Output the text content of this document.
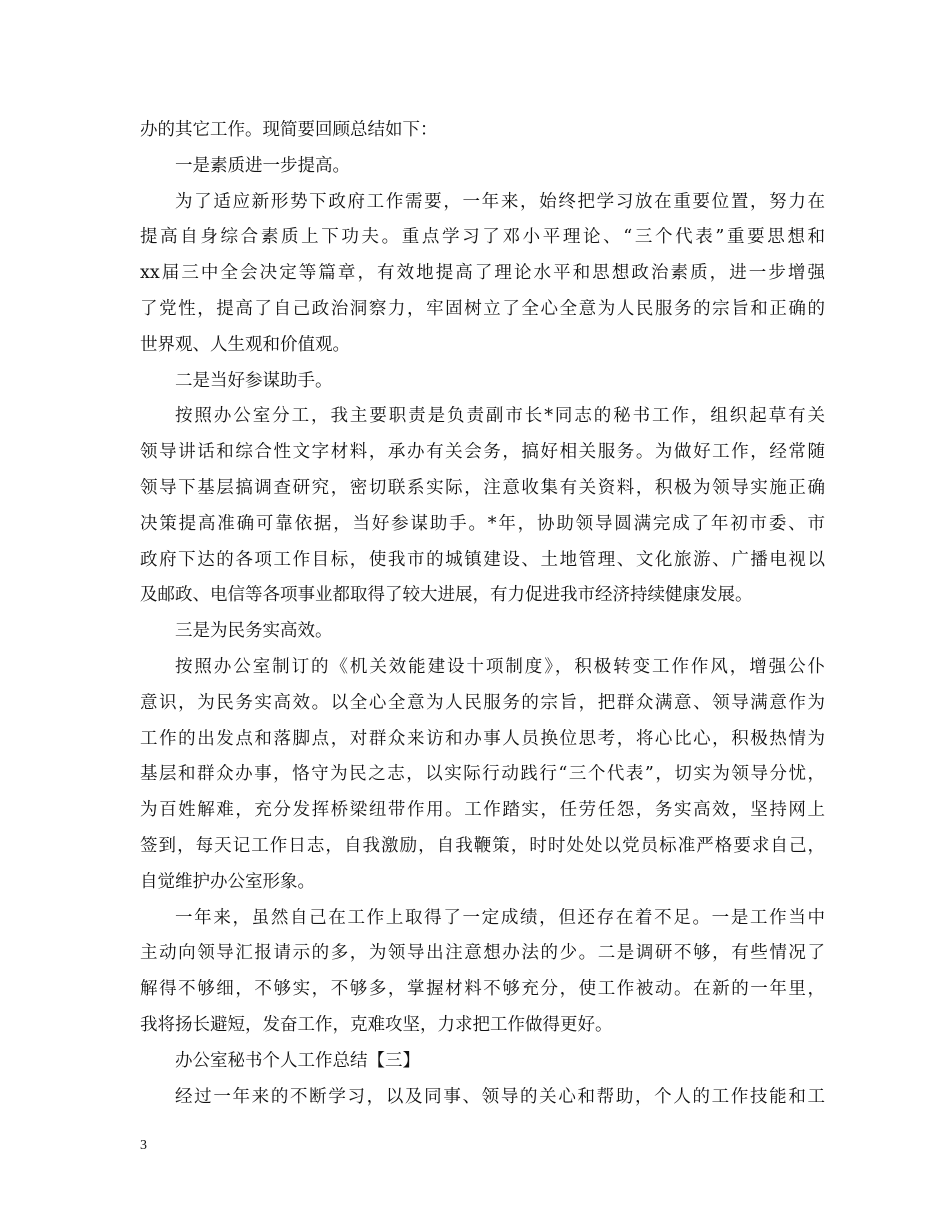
办的其它工作。现简要回顾总结如下：
一是素质进一步提高。
为了适应新形势下政府工作需要，一年来，始终把学习放在重要位置，努力在
提高自身综合素质上下功夫。重点学习了邓小平理论、“三个代表”重要思想和
xx届三中全会决定等篇章，有效地提高了理论水平和思想政治素质，进一步增强
了党性，提高了自己政治洞察力，牢固树立了全心全意为人民服务的宗旨和正确的
世界观、人生观和价值观。
二是当好参谋助手。
按照办公室分工，我主要职责是负责副市长*同志的秘书工作，组织起草有关
领导讲话和综合性文字材料，承办有关会务，搞好相关服务。为做好工作，经常随
领导下基层搞调查研究，密切联系实际，注意收集有关资料，积极为领导实施正确
决策提高准确可靠依据，当好参谋助手。*年，协助领导圆满完成了年初市委、市
政府下达的各项工作目标，使我市的城镇建设、土地管理、文化旅游、广播电视以
及邮政、电信等各项事业都取得了较大进展，有力促进我市经济持续健康发展。
三是为民务实高效。
按照办公室制订的《机关效能建设十项制度》，积极转变工作作风，增强公仆
意识，为民务实高效。以全心全意为人民服务的宗旨，把群众满意、领导满意作为
工作的出发点和落脚点，对群众来访和办事人员换位思考，将心比心，积极热情为
基层和群众办事，恪守为民之志，以实际行动践行“三个代表”，切实为领导分忧，
为百姓解难，充分发挥桥梁纽带作用。工作踏实，任劳任怨，务实高效，坚持网上
签到，每天记工作日志，自我激励，自我鞭策，时时处处以党员标准严格要求自己，
自觉维护办公室形象。
一年来，虽然自己在工作上取得了一定成绩，但还存在着不足。一是工作当中
主动向领导汇报请示的多，为领导出注意想办法的少。二是调研不够，有些情况了
解得不够细，不够实，不够多，掌握材料不够充分，使工作被动。在新的一年里，
我将扬长避短，发奋工作，克难攻坚，力求把工作做得更好。
办公室秘书个人工作总结【三】
经过一年来的不断学习，以及同事、领导的关心和帮助，个人的工作技能和工
3
